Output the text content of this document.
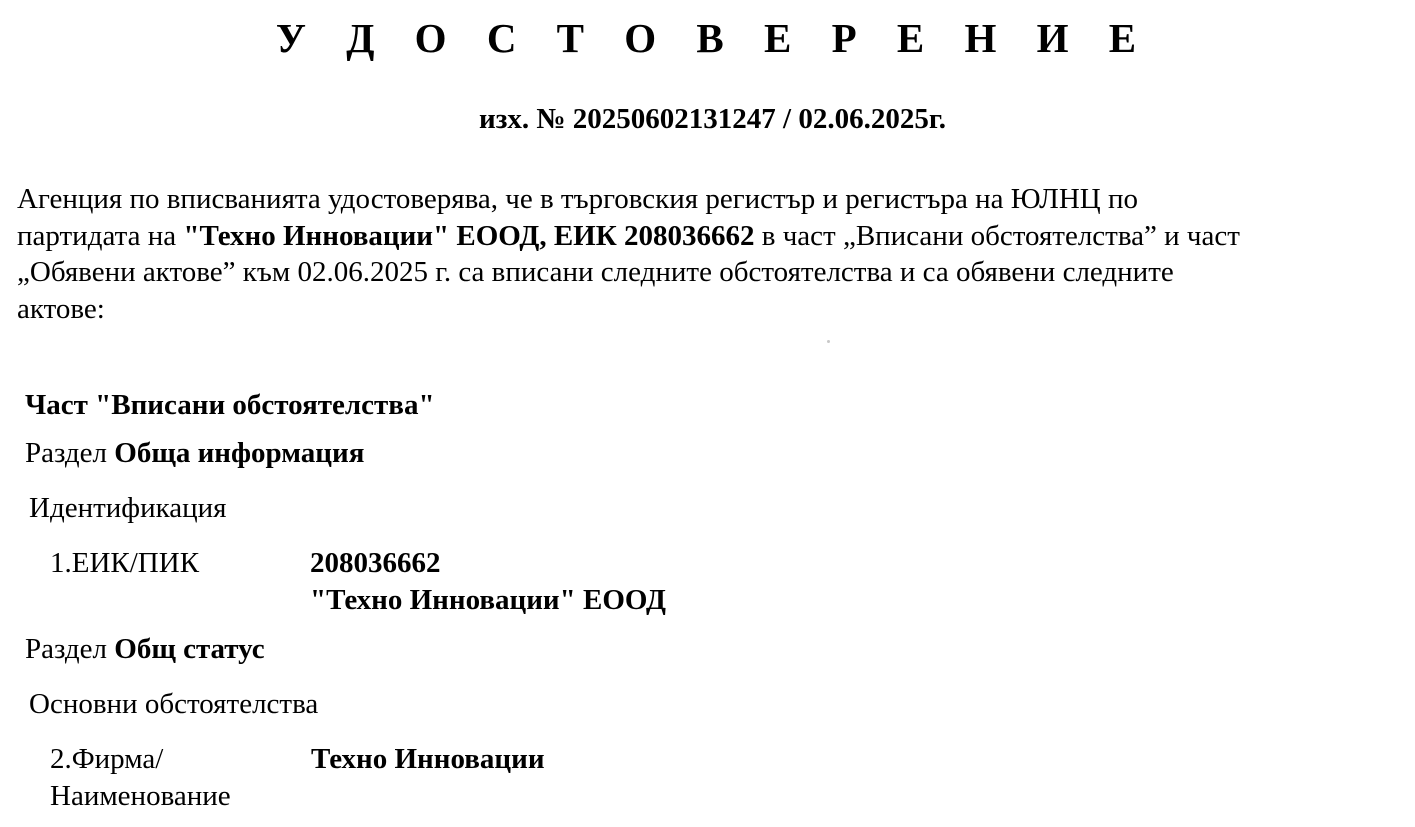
У Д О С Т О В Е Р Е Н И Е
изх. № 20250602131247 / 02.06.2025г.
Агенция по вписванията удостоверява, че в търговския регистър и регистъра на ЮЛНЦ по
партидата на "Техно Инновации" ЕООД, ЕИК 208036662 в част „Вписани обстоятелства” и част
„Обявени актове” към 02.06.2025 г. са вписани следните обстоятелства и са обявени следните
актове:
Част "Вписани обстоятелства"
Раздел Обща информация
Идентификация
1.ЕИК/ПИК	208036662
"Техно Инновации" ЕООД
Раздел Общ статус
Основни обстоятелства
2.Фирма/
Наименование
Техно Инновации
